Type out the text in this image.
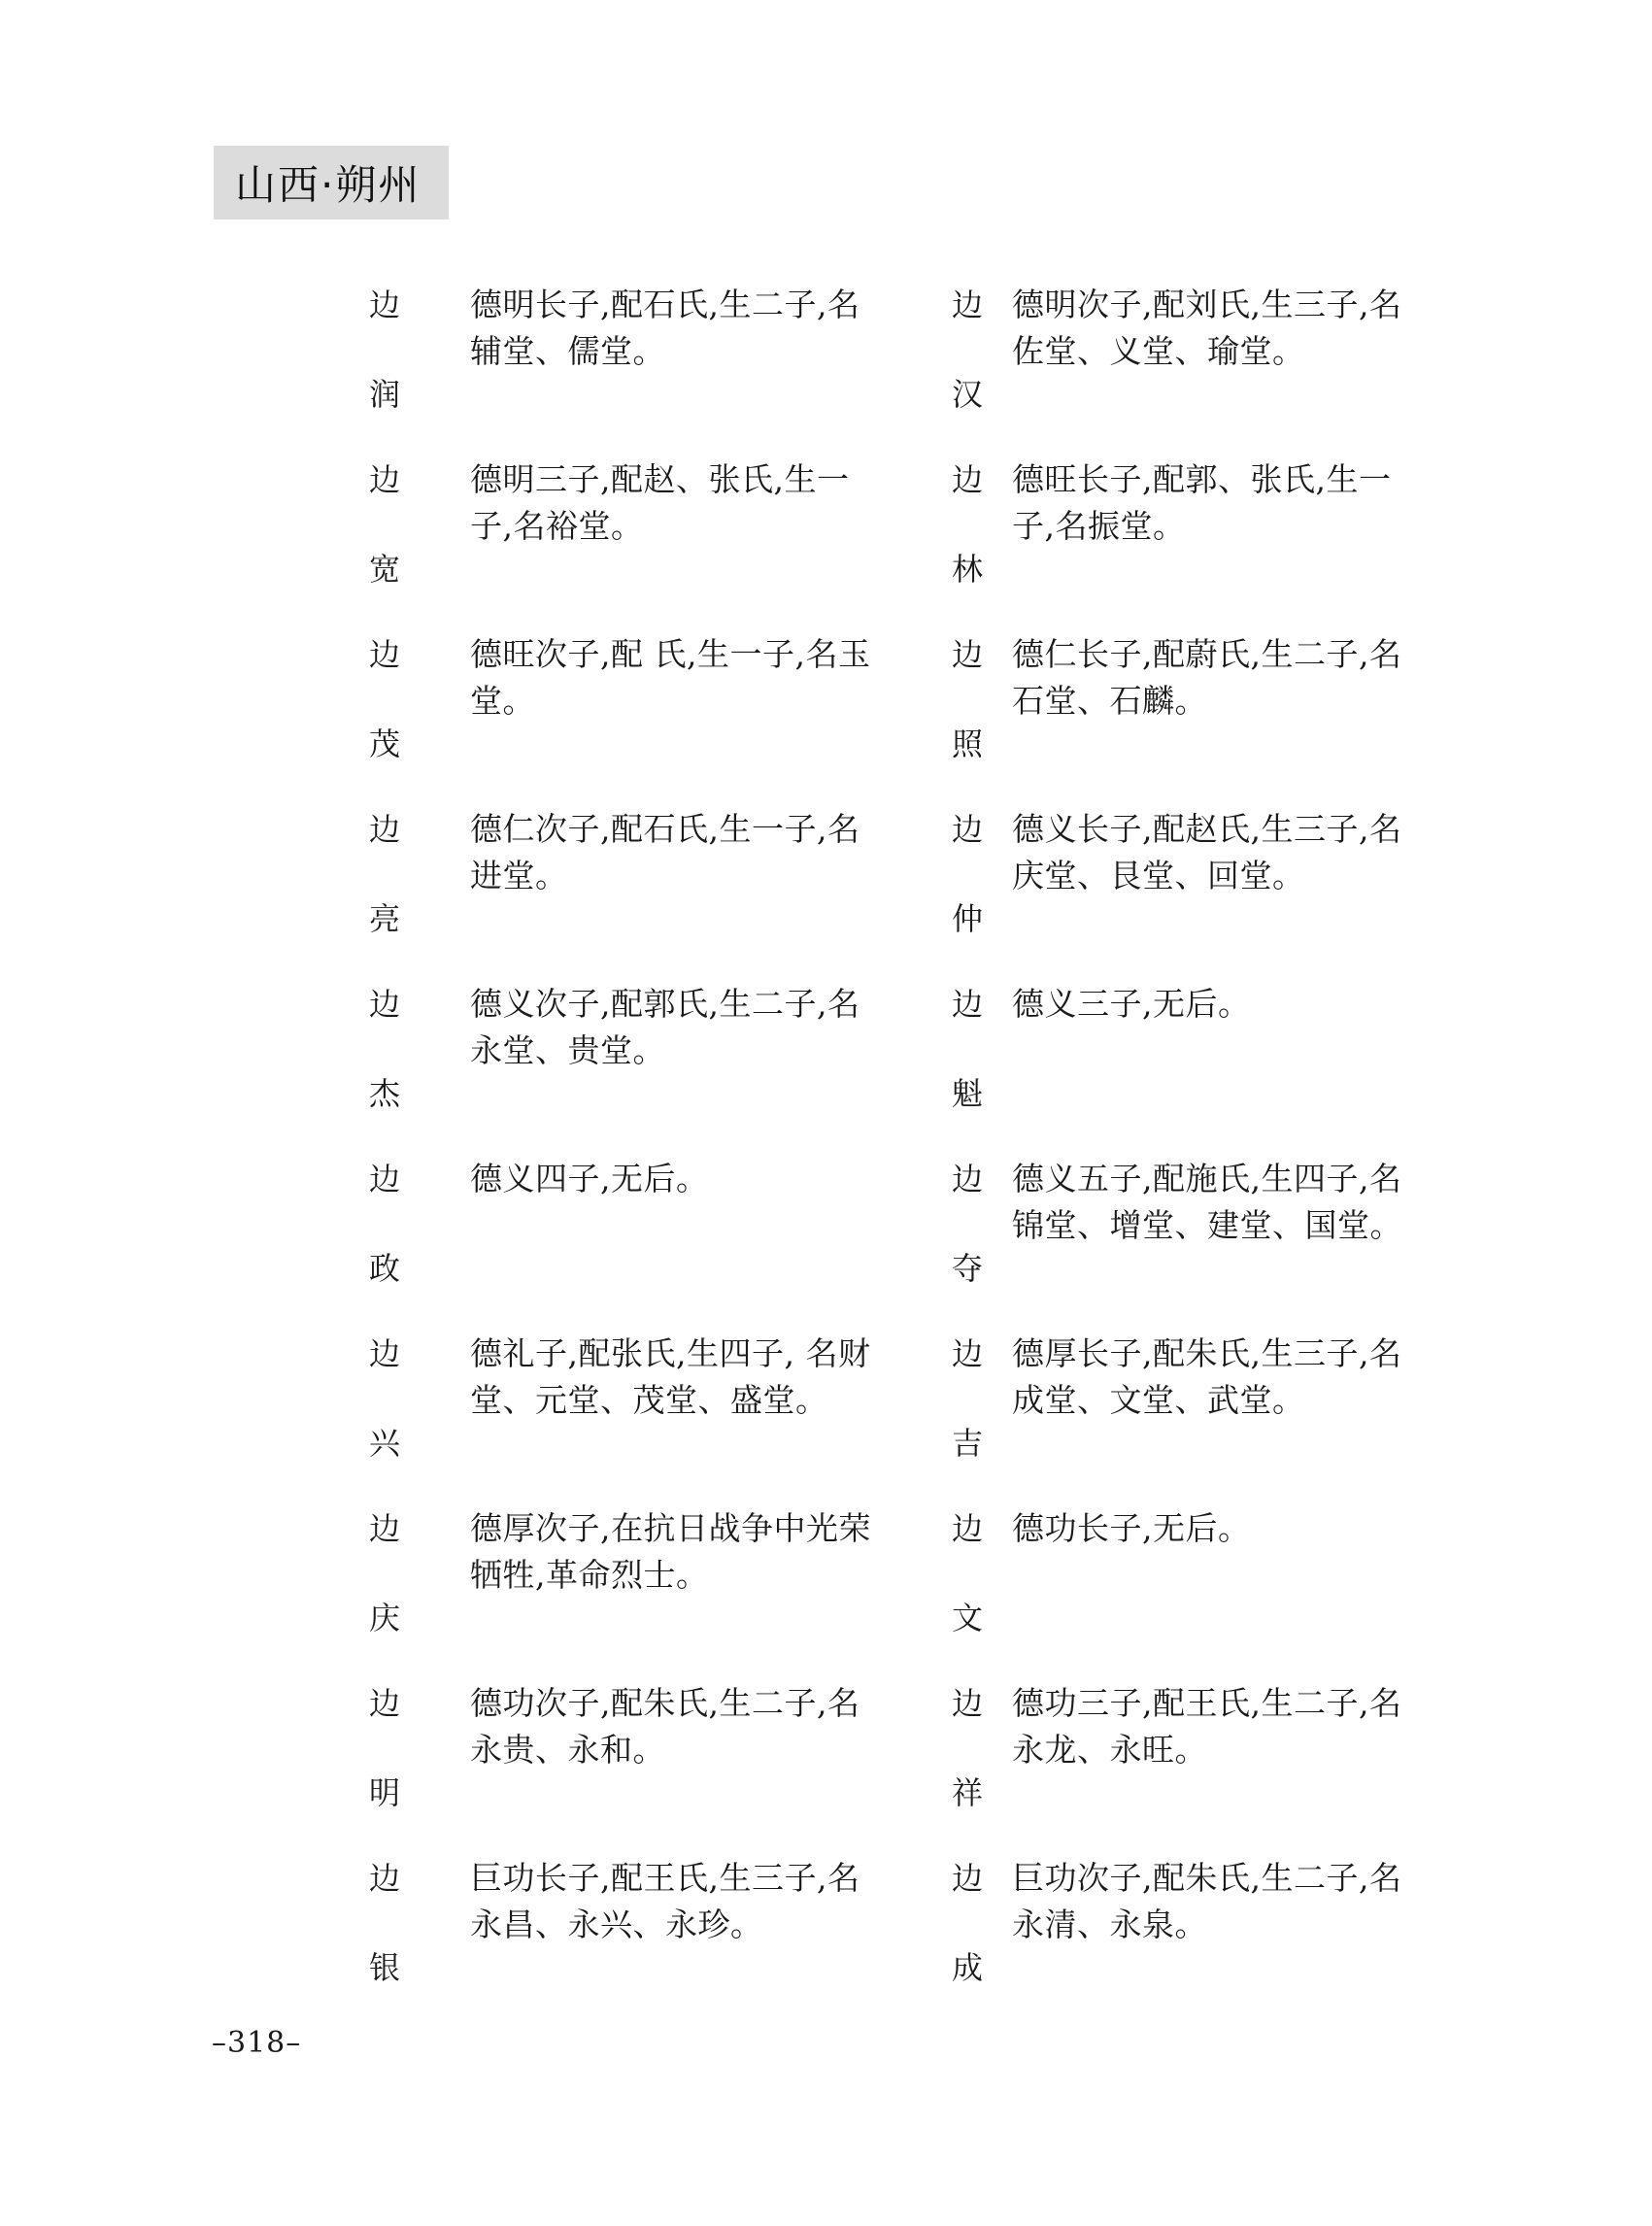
山西·朔州
边
润
德明长子,配石氏,生二子,名辅堂、儒堂。
边
汉
德明次子,配刘氏,生三子,名佐堂、义堂、瑜堂。
边
宽
德明三子,配赵、张氏,生一子,名裕堂。
边
林
德旺长子,配郭、张氏,生一子,名振堂。
边
茂
德旺次子,配 氏,生一子,名玉堂。
边
照
德仁长子,配蔚氏,生二子,名石堂、石麟。
边
亮
德仁次子,配石氏,生一子,名进堂。
边
仲
德义长子,配赵氏,生三子,名庆堂、艮堂、回堂。
边
杰
德义次子,配郭氏,生二子,名永堂、贵堂。
边
魁
德义三子,无后。
边
政
德义四子,无后。	边
夺
德义五子,配施氏,生四子,名锦堂、增堂、建堂、国堂。
边
兴
德礼子,配张氏,生四子, 名财堂、元堂、茂堂、盛堂。
边
吉
德厚长子,配朱氏,生三子,名成堂、文堂、武堂。
边
庆
德厚次子,在抗日战争中光荣牺牲,革命烈士。
边
文
德功长子,无后。
边
明
德功次子,配朱氏,生二子,名永贵、永和。
边
祥
德功三子,配王氏,生二子,名永龙、永旺。
边
银
巨功长子,配王氏,生三子,名永昌、永兴、永珍。
边
成
巨功次子,配朱氏,生二子,名永清、永泉。
–318–
